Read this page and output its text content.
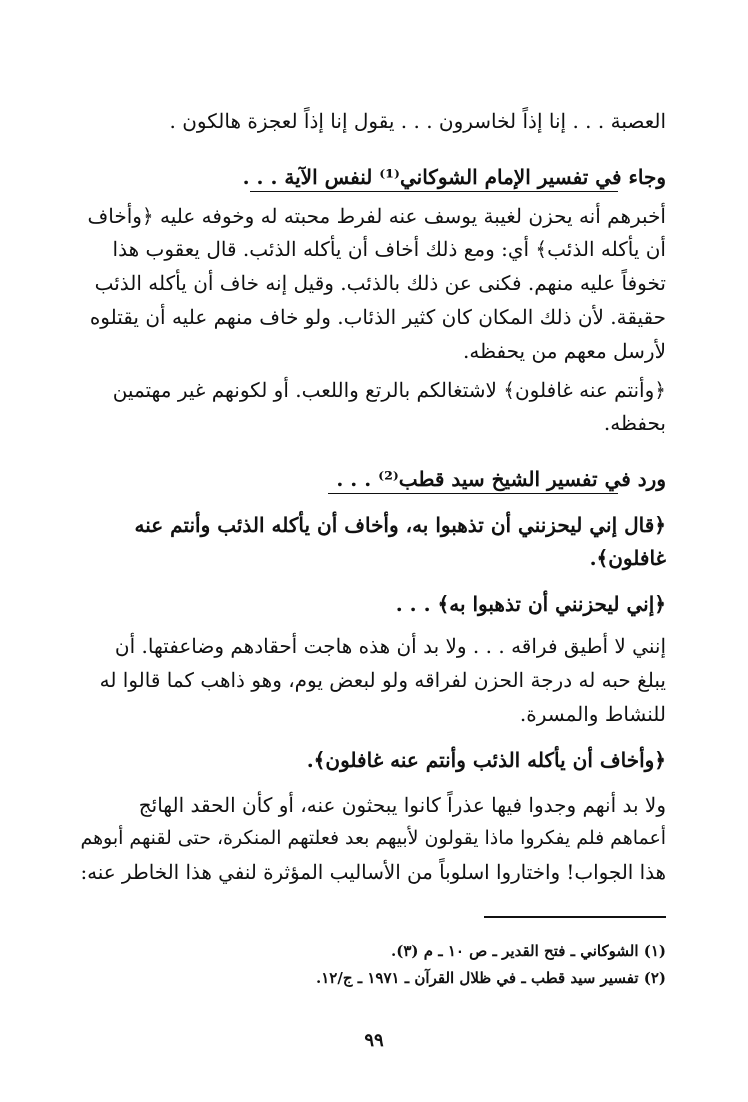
العصبة . . . إنا إذاً لخاسرون . . . يقول إنا إذاً لعجزة هالكون .
وجاء في تفسير الإمام الشوكاني⁽¹⁾ لنفس الآية . . .
أخبرهم أنه يحزن لغيبة يوسف عنه لفرط محبته له وخوفه عليه ﴿وأخاف
أن يأكله الذئب﴾ أي: ومع ذلك أخاف أن يأكله الذئب. قال يعقوب هذا
تخوفاً عليه منهم. فكنى عن ذلك بالذئب. وقيل إنه خاف أن يأكله الذئب
حقيقة. لأن ذلك المكان كان كثير الذئاب. ولو خاف منهم عليه أن يقتلوه
لأرسل معهم من يحفظه.
﴿وأنتم عنه غافلون﴾ لاشتغالكم بالرتع واللعب. أو لكونهم غير مهتمين
بحفظه.
ورد في تفسير الشيخ سيد قطب⁽²⁾ . . .
﴿قال إني ليحزنني أن تذهبوا به، وأخاف أن يأكله الذئب وأنتم عنه
غافلون﴾.
﴿إني ليحزنني أن تذهبوا به﴾ . . .
إنني لا أطيق فراقه . . . ولا بد أن هذه هاجت أحقادهم وضاعفتها. أن
يبلغ حبه له درجة الحزن لفراقه ولو لبعض يوم، وهو ذاهب كما قالوا له
للنشاط والمسرة.
﴿وأخاف أن يأكله الذئب وأنتم عنه غافلون﴾.
ولا بد أنهم وجدوا فيها عذراً كانوا يبحثون عنه، أو كأن الحقد الهائج
أعماهم فلم يفكروا ماذا يقولون لأبيهم بعد فعلتهم المنكرة، حتى لقنهم أبوهم
هذا الجواب! واختاروا اسلوباً من الأساليب المؤثرة لنفي هذا الخاطر عنه:
(١) الشوكاني ـ فتح القدير ـ ص ١٠ ـ م (٣).
(٢) تفسير سيد قطب ـ في ظلال القرآن ـ ١٩٧١ ـ ج/١٢.
٩٩
